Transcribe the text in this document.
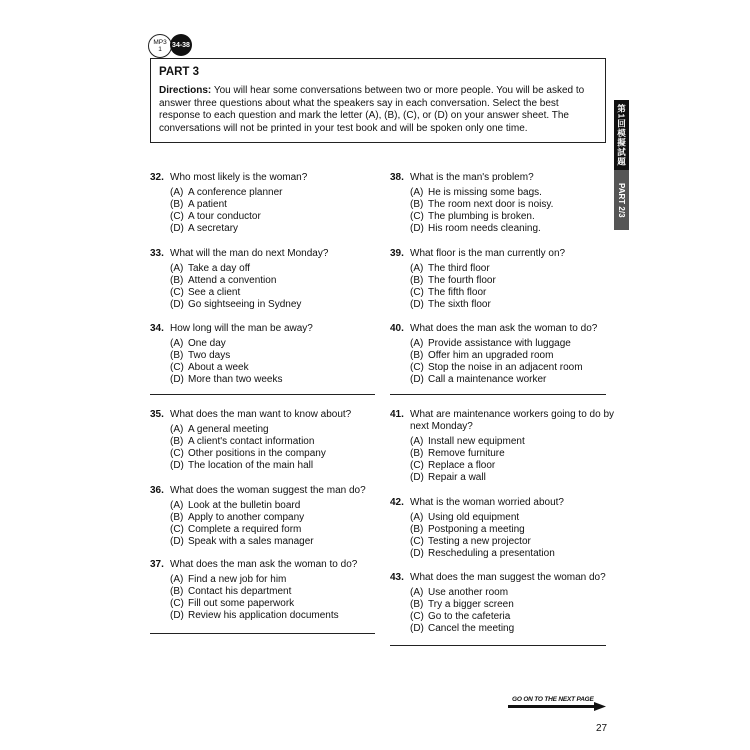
MP3
1
34-38
PART 3
Directions: You will hear some conversations between two or more people. You will be asked to answer three questions about what the speakers say in each conversation. Select the best response to each question and mark the letter (A), (B), (C), or (D) on your answer sheet. The conversations will not be printed in your test book and will be spoken only one time.	第1回模擬試題
PART 2/3
32. Who most likely is the woman?
(A) A conference planner
(B) A patient
(C) A tour conductor
(D) A secretary
33. What will the man do next Monday?
(A) Take a day off
(B) Attend a convention
(C) See a client
(D) Go sightseeing in Sydney
34. How long will the man be away?
(A) One day
(B) Two days
(C) About a week
(D) More than two weeks
35. What does the man want to know about?
(A) A general meeting
(B) A client's contact information
(C) Other positions in the company
(D) The location of the main hall
36. What does the woman suggest the man do?
(A) Look at the bulletin board
(B) Apply to another company
(C) Complete a required form
(D) Speak with a sales manager
37. What does the man ask the woman to do?
(A) Find a new job for him
(B) Contact his department
(C) Fill out some paperwork
(D) Review his application documents
38. What is the man's problem?
(A) He is missing some bags.
(B) The room next door is noisy.
(C) The plumbing is broken.
(D) His room needs cleaning.
39. What floor is the man currently on?
(A) The third floor
(B) The fourth floor
(C) The fifth floor
(D) The sixth floor
40. What does the man ask the woman to do?
(A) Provide assistance with luggage
(B) Offer him an upgraded room
(C) Stop the noise in an adjacent room
(D) Call a maintenance worker
41. What are maintenance workers going to do by next Monday?
(A) Install new equipment
(B) Remove furniture
(C) Replace a floor
(D) Repair a wall
42. What is the woman worried about?
(A) Using old equipment
(B) Postponing a meeting
(C) Testing a new projector
(D) Rescheduling a presentation
43. What does the man suggest the woman do?
(A) Use another room
(B) Try a bigger screen
(C) Go to the cafeteria
(D) Cancel the meeting
GO ON TO THE NEXT PAGE
27
